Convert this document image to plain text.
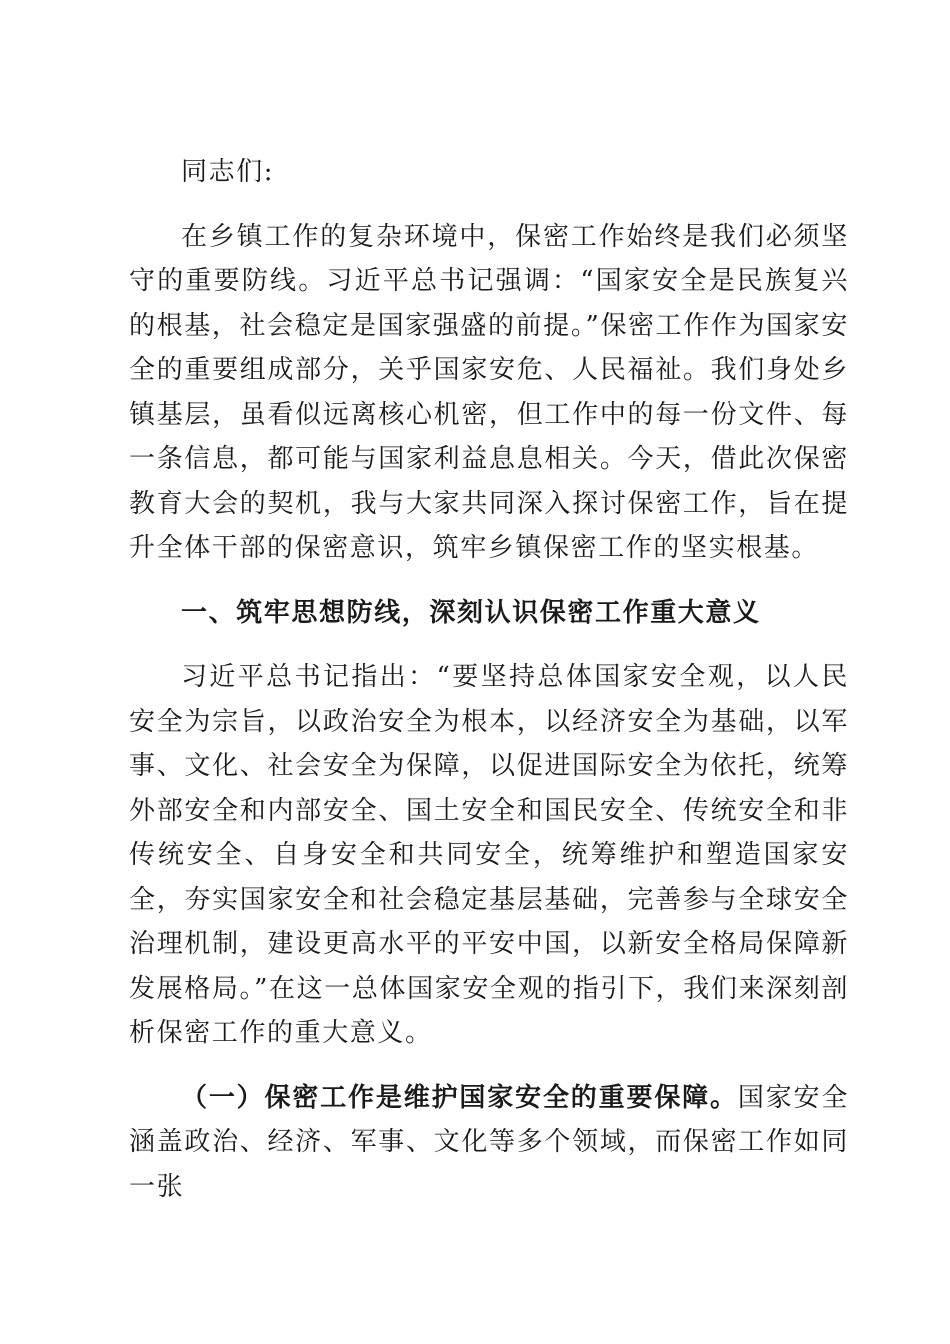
同志们:

在乡镇工作的复杂环境中，保密工作始终是我们必须坚守的重要防线。习近平总书记强调：“国家安全是民族复兴的根基，社会稳定是国家强盛的前提。”保密工作作为国家安全的重要组成部分，关乎国家安危、人民福祉。我们身处乡镇基层，虽看似远离核心机密，但工作中的每一份文件、每一条信息，都可能与国家利益息息相关。今天，借此次保密教育大会的契机，我与大家共同深入探讨保密工作，旨在提升全体干部的保密意识，筑牢乡镇保密工作的坚实根基。

一、筑牢思想防线，深刻认识保密工作重大意义

习近平总书记指出：“要坚持总体国家安全观，以人民安全为宗旨，以政治安全为根本，以经济安全为基础，以军事、文化、社会安全为保障，以促进国际安全为依托，统筹外部安全和内部安全、国土安全和国民安全、传统安全和非传统安全、自身安全和共同安全，统筹维护和塑造国家安全，夯实国家安全和社会稳定基层基础，完善参与全球安全治理机制，建设更高水平的平安中国，以新安全格局保障新发展格局。”在这一总体国家安全观的指引下，我们来深刻剖析保密工作的重大意义。

（一）保密工作是维护国家安全的重要保障。国家安全涵盖政治、经济、军事、文化等多个领域，而保密工作如同一张
